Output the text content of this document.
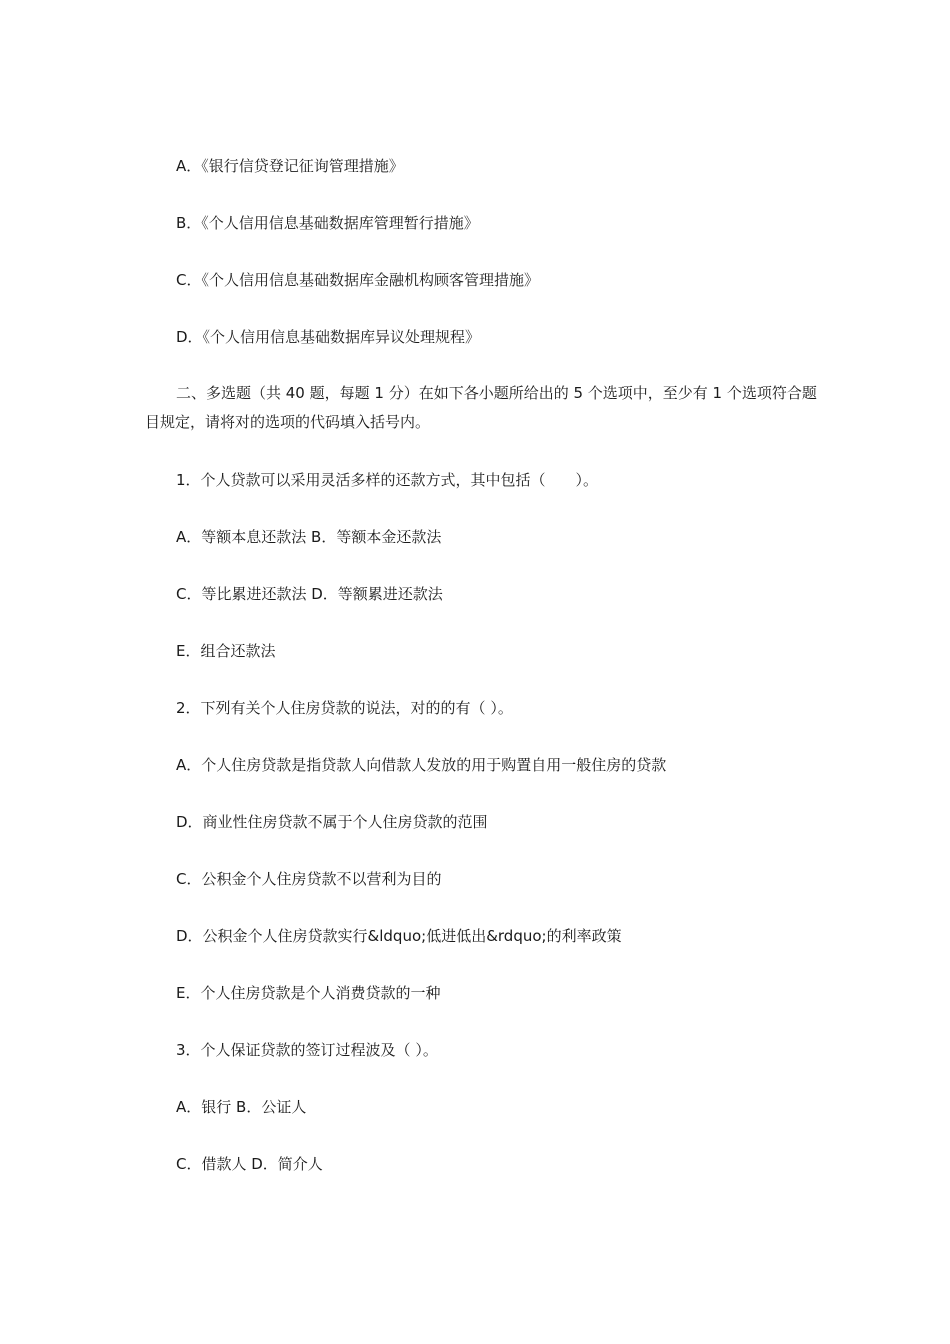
A．《银行信贷登记征询管理措施》
B．《个人信用信息基础数据库管理暂行措施》
C．《个人信用信息基础数据库金融机构顾客管理措施》
D．《个人信用信息基础数据库异议处理规程》
二、多选题（共 40 题，每题 1 分）在如下各小题所给出的 5 个选项中，至少有 1 个选项符合题目规定，请将对的选项的代码填入括号内。
1．个人贷款可以采用灵活多样的还款方式，其中包括（　　）。
A．等额本息还款法 B．等额本金还款法
C．等比累进还款法 D．等额累进还款法
E．组合还款法
2．下列有关个人住房贷款的说法，对的的有（ ）。
A．个人住房贷款是指贷款人向借款人发放的用于购置自用一般住房的贷款
D．商业性住房贷款不属于个人住房贷款的范围
C．公积金个人住房贷款不以营利为目的
D．公积金个人住房贷款实行&ldquo;低进低出&rdquo;的利率政策
E．个人住房贷款是个人消费贷款的一种
3．个人保证贷款的签订过程波及（ ）。
A．银行 B．公证人
C．借款人 D．简介人
